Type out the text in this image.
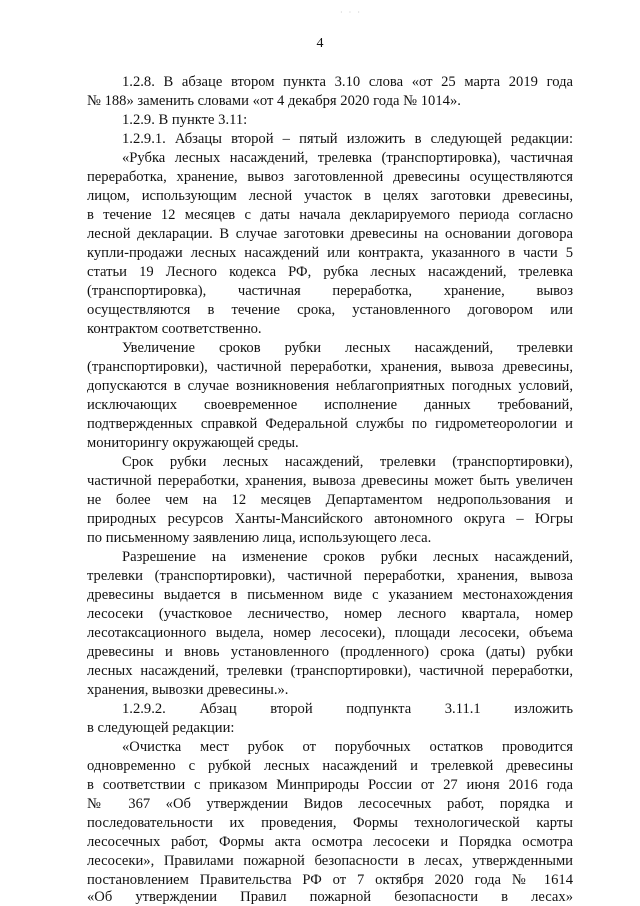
· · ·
4
1.2.8. В абзаце втором пункта 3.10 слова «от 25 марта 2019 года
№ 188» заменить словами «от 4 декабря 2020 года № 1014».
1.2.9. В пункте 3.11:
1.2.9.1. Абзацы второй – пятый изложить в следующей редакции:
«Рубка лесных насаждений, трелевка (транспортировка), частичная
переработка, хранение, вывоз заготовленной древесины осуществляются
лицом, использующим лесной участок в целях заготовки древесины,
в течение 12 месяцев с даты начала декларируемого периода согласно
лесной декларации. В случае заготовки древесины на основании договора
купли-продажи лесных насаждений или контракта, указанного в части 5
статьи 19 Лесного кодекса РФ, рубка лесных насаждений, трелевка
(транспортировка), частичная переработка, хранение, вывоз
осуществляются в течение срока, установленного договором или
контрактом соответственно.
Увеличение сроков рубки лесных насаждений, трелевки
(транспортировки), частичной переработки, хранения, вывоза древесины,
допускаются в случае возникновения неблагоприятных погодных условий,
исключающих своевременное исполнение данных требований,
подтвержденных справкой Федеральной службы по гидрометеорологии и
мониторингу окружающей среды.
Срок рубки лесных насаждений, трелевки (транспортировки),
частичной переработки, хранения, вывоза древесины может быть увеличен
не более чем на 12 месяцев Департаментом недропользования и
природных ресурсов Ханты-Мансийского автономного округа – Югры
по письменному заявлению лица, использующего леса.
Разрешение на изменение сроков рубки лесных насаждений,
трелевки (транспортировки), частичной переработки, хранения, вывоза
древесины выдается в письменном виде с указанием местонахождения
лесосеки (участковое лесничество, номер лесного квартала, номер
лесотаксационного выдела, номер лесосеки), площади лесосеки, объема
древесины и вновь установленного (продленного) срока (даты) рубки
лесных насаждений, трелевки (транспортировки), частичной переработки,
хранения, вывозки древесины.».
1.2.9.2. Абзац второй подпункта 3.11.1 изложить
в следующей редакции:
«Очистка мест рубок от порубочных остатков проводится
одновременно с рубкой лесных насаждений и трелевкой древесины
в соответствии с приказом Минприроды России от 27 июня 2016 года
№ 367 «Об утверждении Видов лесосечных работ, порядка и
последовательности их проведения, Формы технологической карты
лесосечных работ, Формы акта осмотра лесосеки и Порядка осмотра
лесосеки», Правилами пожарной безопасности в лесах, утвержденными
постановлением Правительства РФ от 7 октября 2020 года № 1614
«Об утверждении Правил пожарной безопасности в лесах»
